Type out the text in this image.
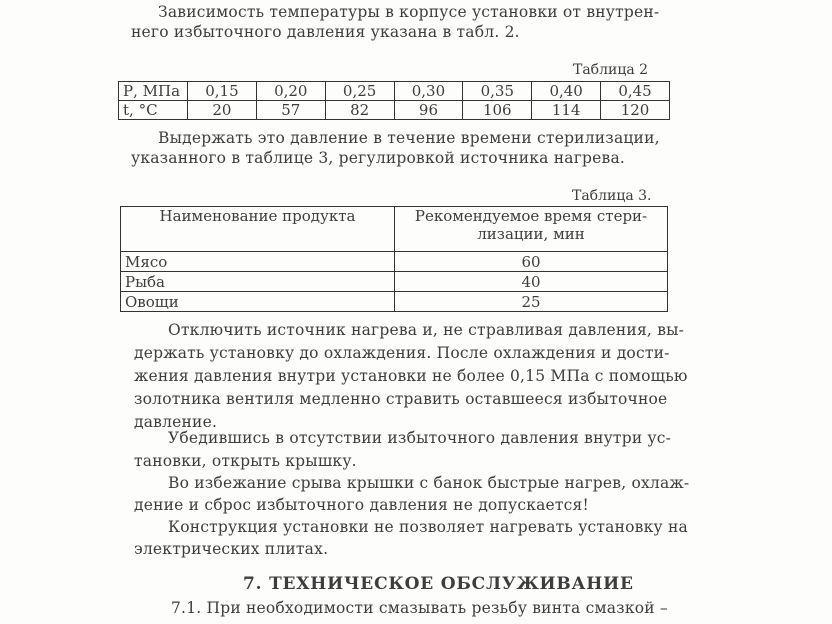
Зависимость температуры в корпусе установки от внутрен-
него избыточного давления указана в табл. 2.
Таблица 2
Р, МПа	0,15	0,20	0,25	0,30	0,35	0,40	0,45
t, °C	20	57	82	96	106	114	120
Выдержать это давление в течение времени стерилизации,
указанного в таблице 3, регулировкой источника нагрева.
Таблица 3.
Наименование продукта	Рекомендуемое время стери-
лизации, мин

Мясо	60
Рыба	40
Овощи	25
Отключить источник нагрева и, не стравливая давления, вы-
держать установку до охлаждения. После охлаждения и дости-
жения давления внутри установки не более 0,15 МПа с помощью
золотника вентиля медленно стравить оставшееся избыточное
давление.
Убедившись в отсутствии избыточного давления внутри ус-
тановки, открыть крышку.
Во избежание срыва крышки с банок быстрые нагрев, охлаж-
дение и сброс избыточного давления не допускается!
Конструкция установки не позволяет нагревать установку на
электрических плитах.
7. ТЕХНИЧЕСКОЕ ОБСЛУЖИВАНИЕ
7.1. При необходимости смазывать резьбу винта смазкой –
